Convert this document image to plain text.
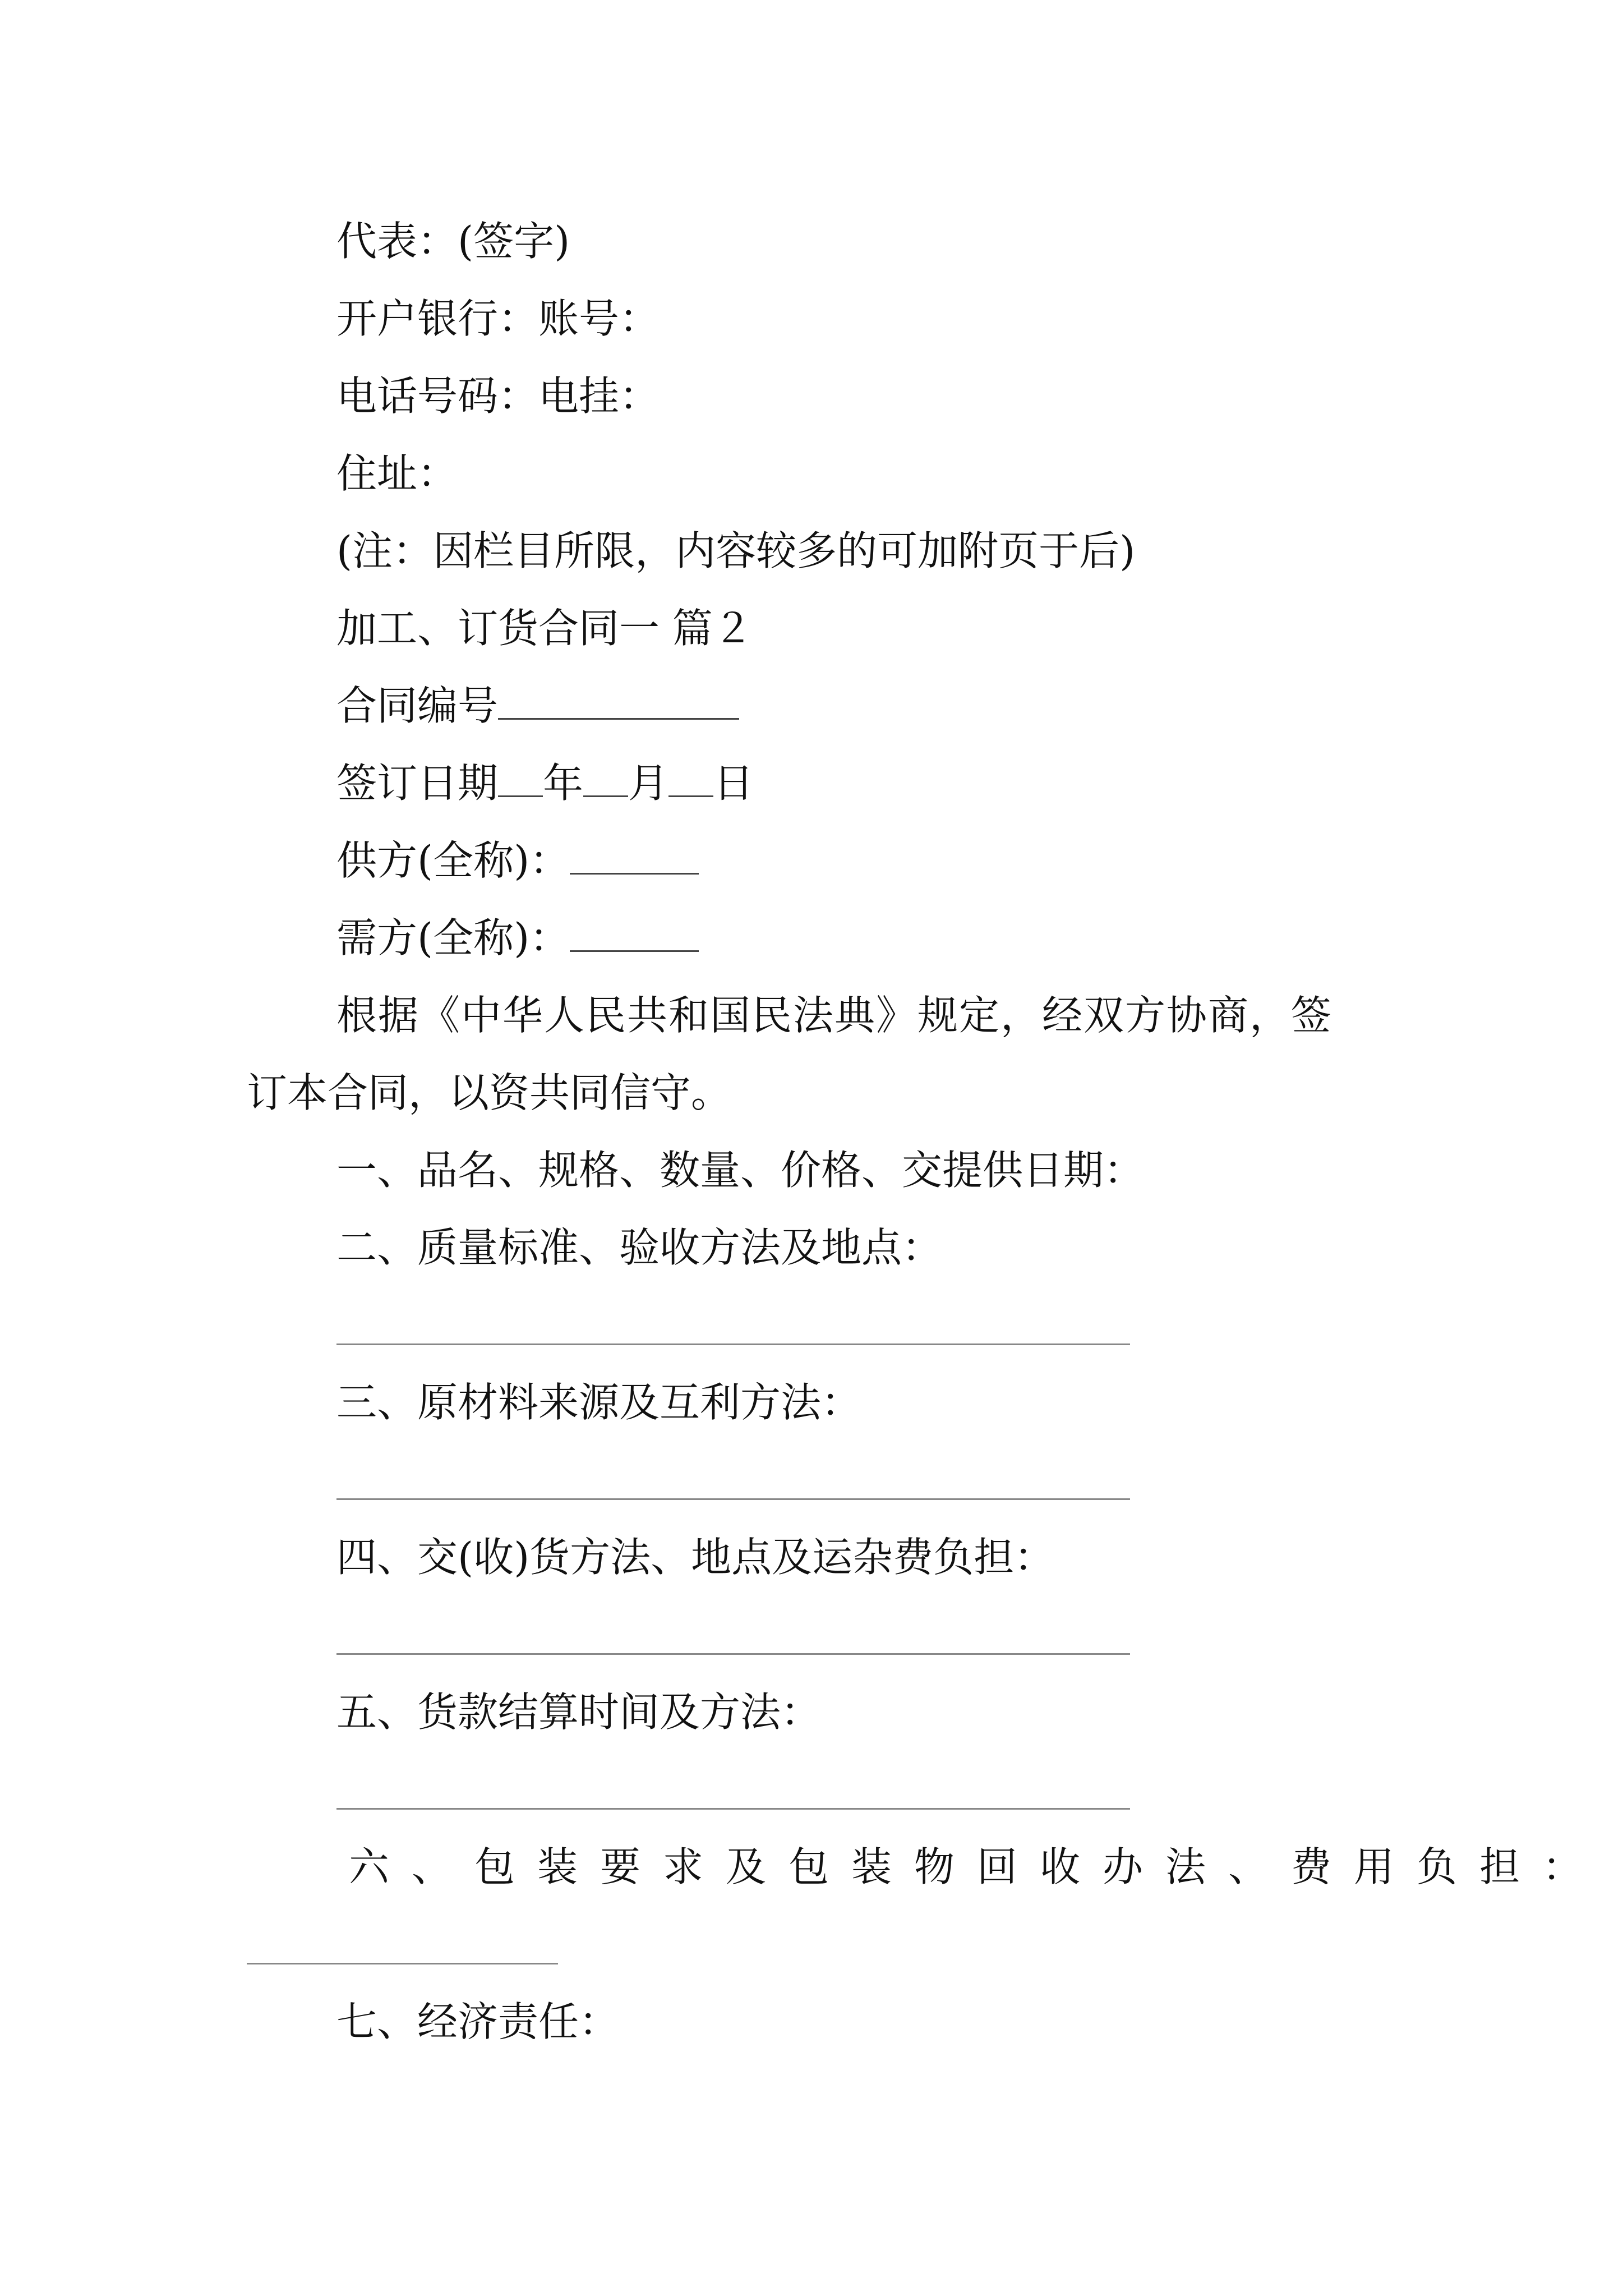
代表：(签字)
开户银行：账号：
电话号码：电挂：
住址：
(注：因栏目所限，内容较多的可加附页于后)
加工、订货合同一 篇２
合同编号
签订日期 年 月 日
供方(全称)：
需方(全称)：
根据《中华人民共和国民法典》规定，经双方协商，签
订本合同，以资共同信守。
一、品名、规格、数量、价格、交提供日期：
二、质量标准、验收方法及地点：
三、原材料来源及互利方法：
四、交(收)货方法、地点及运杂费负担：
五、货款结算时间及方法：
六、包装要求及包装物回收办法、费用负担：
七、经济责任：
